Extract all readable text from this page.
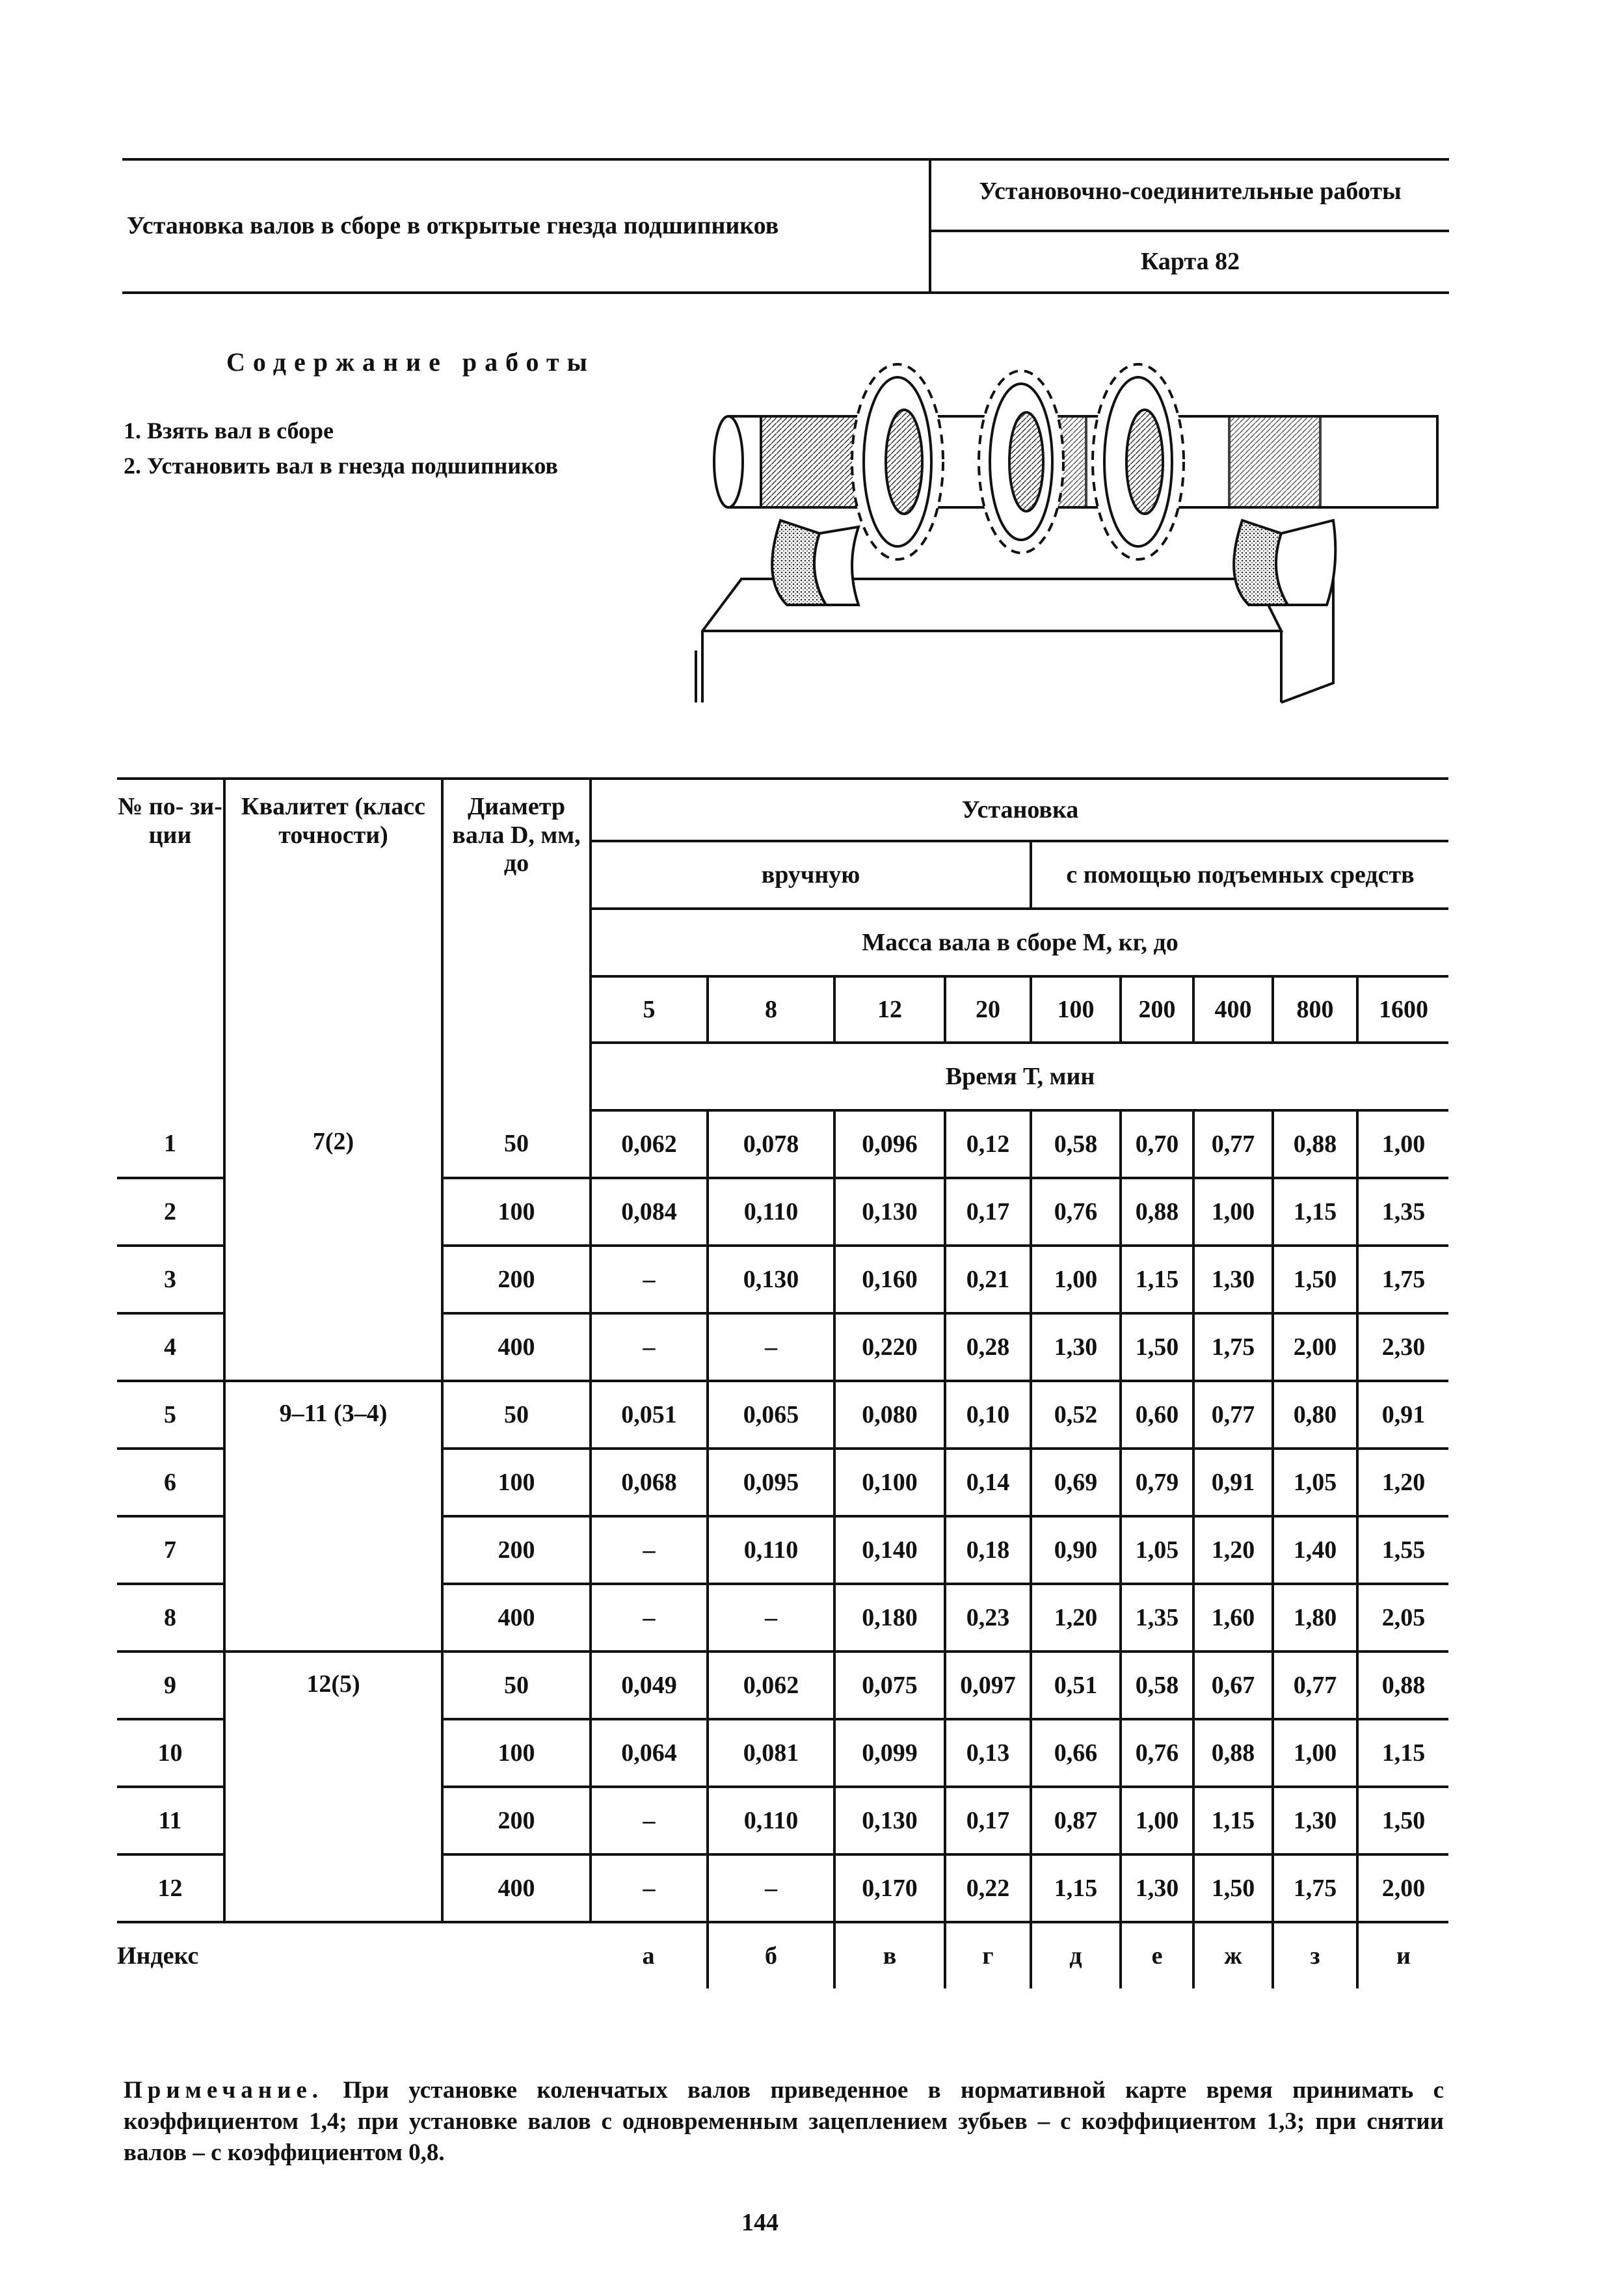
Установка валов в сборе в открытые гнезда подшипников
Установочно-соединительные работы
Карта 82
Содержание работы
1. Взять вал в сборе
2. Установить вал в гнезда подшипников
№ по- зи- ции	Квалитет (класс точности)	Диаметр вала D, мм, до	Установка								
			вручную				с помощью подъемных средств				
			Масса вала в сборе М, кг, до								
			5	8	12	20	100	200	400	800	1600
			Время Т, мин								
1	7(2)	50	0,062	0,078	0,096	0,12	0,58	0,70	0,77	0,88	1,00
2		100	0,084	0,110	0,130	0,17	0,76	0,88	1,00	1,15	1,35
3		200	–	0,130	0,160	0,21	1,00	1,15	1,30	1,50	1,75
4		400	–	–	0,220	0,28	1,30	1,50	1,75	2,00	2,30
5	9–11 (3–4)	50	0,051	0,065	0,080	0,10	0,52	0,60	0,77	0,80	0,91
6		100	0,068	0,095	0,100	0,14	0,69	0,79	0,91	1,05	1,20
7		200	–	0,110	0,140	0,18	0,90	1,05	1,20	1,40	1,55
8		400	–	–	0,180	0,23	1,20	1,35	1,60	1,80	2,05
9	12(5)	50	0,049	0,062	0,075	0,097	0,51	0,58	0,67	0,77	0,88
10		100	0,064	0,081	0,099	0,13	0,66	0,76	0,88	1,00	1,15
11		200	–	0,110	0,130	0,17	0,87	1,00	1,15	1,30	1,50
12		400	–	–	0,170	0,22	1,15	1,30	1,50	1,75	2,00
Индекс			а	б	в	г	д	е	ж	з	и
Примечание. При установке коленчатых валов приведенное в нормативной карте время принимать с коэффициентом 1,4; при установке валов с одновременным зацеплением зубьев – с коэффициентом 1,3; при снятии валов – с коэффициентом 0,8.
144
